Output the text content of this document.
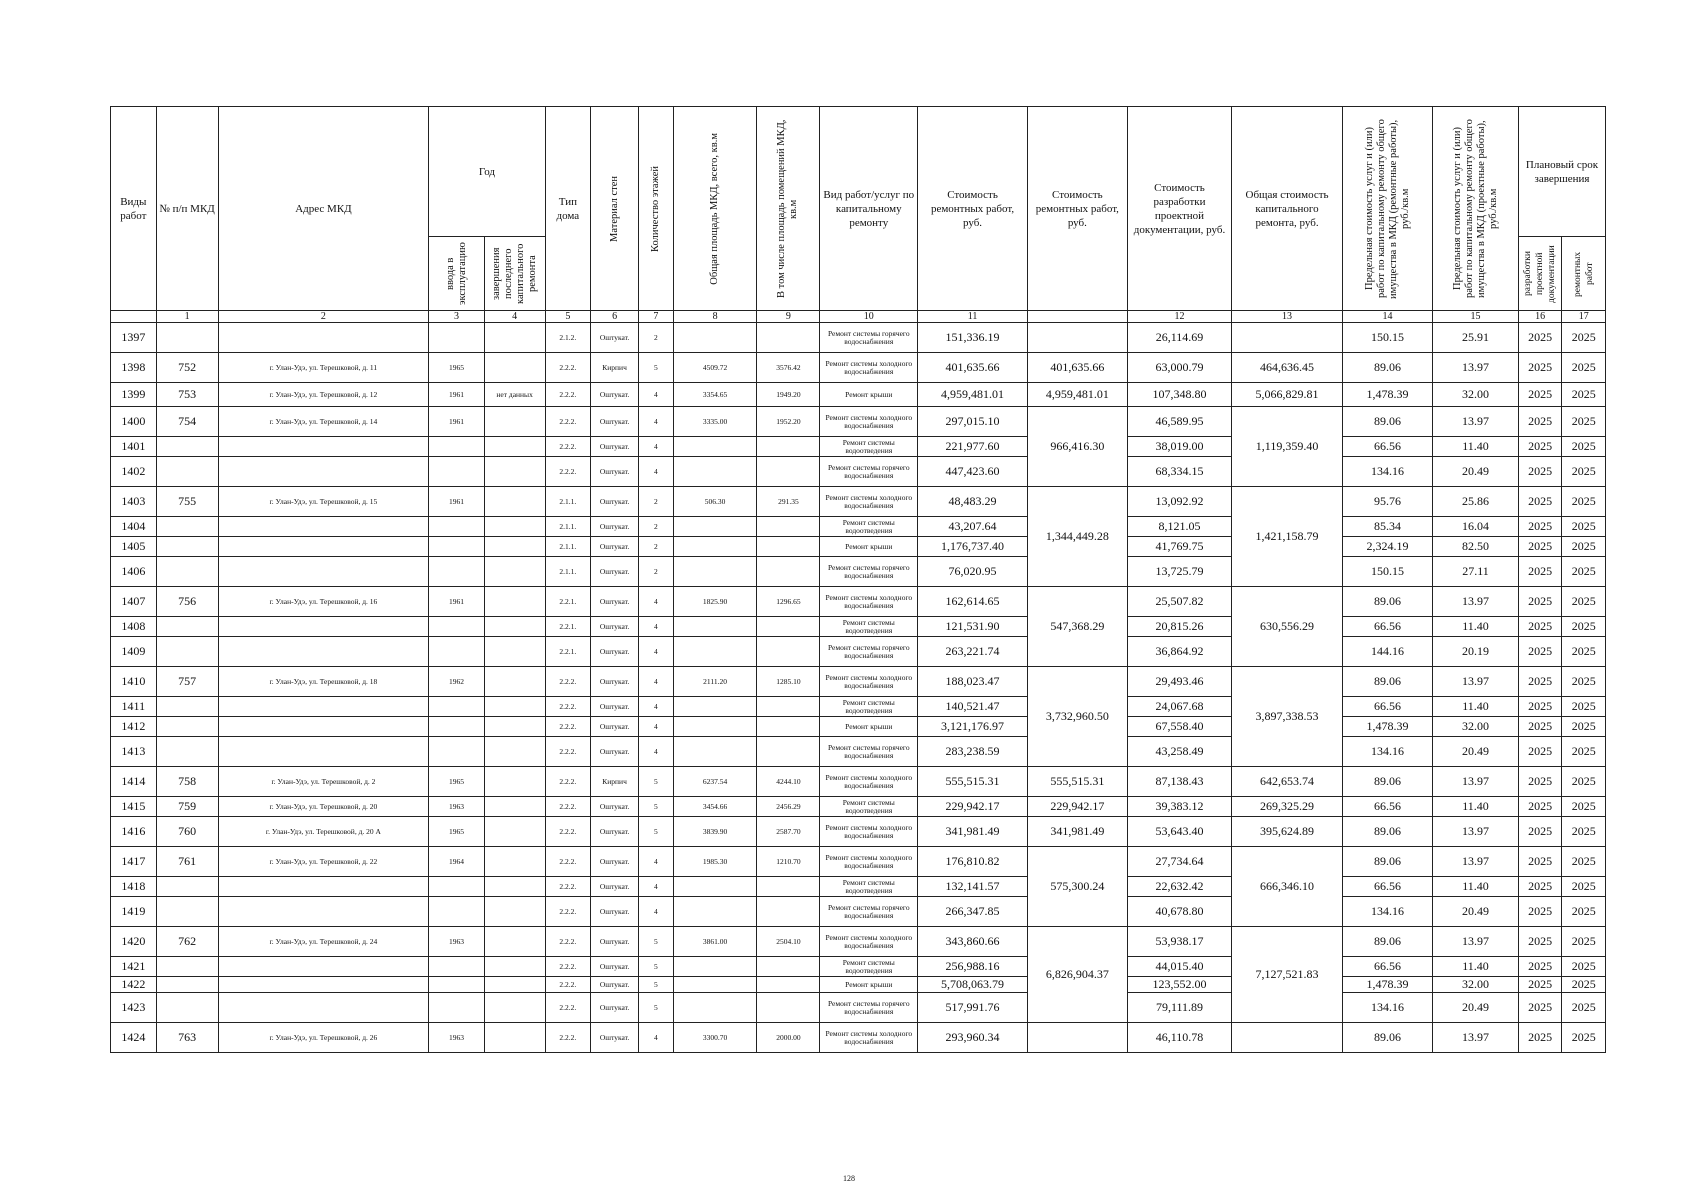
Виды работ	№ п/п МКД	Адрес МКД	Год		Тип дома	Материал стен	Количество этажей	Общая площадь МКД, всего, кв.м	В том числе площадь помещений МКД, кв.м	Вид работ/услуг по капитальному ремонту	Стоимость ремонтных работ, руб.	Стоимость ремонтных работ, руб.	Стоимость разработки проектной документации, руб.	Общая стоимость капитального ремонта, руб.	Предельная стоимость услуг и (или) работ по капитальному ремонту общего имущества в МКД (ремонтные работы), руб./кв.м	Предельная стоимость услуг и (или) работ по капитальному ремонту общего имущества в МКД (проектные работы), руб./кв.м	Плановый срок завершения	

			ввода в эксплуатацию	завершения последнего капитального ремонта													разработки проектной документации	ремонтных работ

	1	2	3	4	5	6	7	8	9	10	11		12	13	14	15	16	17
1397					2.1.2.	Оштукат.	2			Ремонт системы горячего водоснабжения	151,336.19		26,114.69		150.15	25.91	2025	2025
1398	752	г. Улан-Удэ, ул. Терешковой, д. 11	1965		2.2.2.	Кирпич	5	4509.72	3576.42	Ремонт системы холодного водоснабжения	401,635.66	401,635.66	63,000.79	464,636.45	89.06	13.97	2025	2025
1399	753	г. Улан-Удэ, ул. Терешковой, д. 12	1961	нет данных	2.2.2.	Оштукат.	4	3354.65	1949.20	Ремонт крыши	4,959,481.01	4,959,481.01	107,348.80	5,066,829.81	1,478.39	32.00	2025	2025
1400	754	г. Улан-Удэ, ул. Терешковой, д. 14	1961		2.2.2.	Оштукат.	4	3335.00	1952.20	Ремонт системы холодного водоснабжения	297,015.10	966,416.30	46,589.95	1,119,359.40	89.06	13.97	2025	2025
1401					2.2.2.	Оштукат.	4			Ремонт системы водоотведения	221,977.60		38,019.00		66.56	11.40	2025	2025
1402					2.2.2.	Оштукат.	4			Ремонт системы горячего водоснабжения	447,423.60		68,334.15		134.16	20.49	2025	2025
1403	755	г. Улан-Удэ, ул. Терешковой, д. 15	1961		2.1.1.	Оштукат.	2	506.30	291.35	Ремонт системы холодного водоснабжения	48,483.29	1,344,449.28	13,092.92	1,421,158.79	95.76	25.86	2025	2025
1404					2.1.1.	Оштукат.	2			Ремонт системы водоотведения	43,207.64		8,121.05		85.34	16.04	2025	2025
1405					2.1.1.	Оштукат.	2			Ремонт крыши	1,176,737.40		41,769.75		2,324.19	82.50	2025	2025
1406					2.1.1.	Оштукат.	2			Ремонт системы горячего водоснабжения	76,020.95		13,725.79		150.15	27.11	2025	2025
1407	756	г. Улан-Удэ, ул. Терешковой, д. 16	1961		2.2.1.	Оштукат.	4	1825.90	1296.65	Ремонт системы холодного водоснабжения	162,614.65	547,368.29	25,507.82	630,556.29	89.06	13.97	2025	2025
1408					2.2.1.	Оштукат.	4			Ремонт системы водоотведения	121,531.90		20,815.26		66.56	11.40	2025	2025
1409					2.2.1.	Оштукат.	4			Ремонт системы горячего водоснабжения	263,221.74		36,864.92		144.16	20.19	2025	2025
1410	757	г. Улан-Удэ, ул. Терешковой, д. 18	1962		2.2.2.	Оштукат.	4	2111.20	1285.10	Ремонт системы холодного водоснабжения	188,023.47	3,732,960.50	29,493.46	3,897,338.53	89.06	13.97	2025	2025
1411					2.2.2.	Оштукат.	4			Ремонт системы водоотведения	140,521.47		24,067.68		66.56	11.40	2025	2025
1412					2.2.2.	Оштукат.	4			Ремонт крыши	3,121,176.97		67,558.40		1,478.39	32.00	2025	2025
1413					2.2.2.	Оштукат.	4			Ремонт системы горячего водоснабжения	283,238.59		43,258.49		134.16	20.49	2025	2025
1414	758	г. Улан-Удэ, ул. Терешковой, д. 2	1965		2.2.2.	Кирпич	5	6237.54	4244.10	Ремонт системы холодного водоснабжения	555,515.31	555,515.31	87,138.43	642,653.74	89.06	13.97	2025	2025
1415	759	г. Улан-Удэ, ул. Терешковой, д. 20	1963		2.2.2.	Оштукат.	5	3454.66	2456.29	Ремонт системы водоотведения	229,942.17	229,942.17	39,383.12	269,325.29	66.56	11.40	2025	2025
1416	760	г. Улан-Удэ, ул. Терешковой, д. 20 А	1965		2.2.2.	Оштукат.	5	3839.90	2587.70	Ремонт системы холодного водоснабжения	341,981.49	341,981.49	53,643.40	395,624.89	89.06	13.97	2025	2025
1417	761	г. Улан-Удэ, ул. Терешковой, д. 22	1964		2.2.2.	Оштукат.	4	1985.30	1210.70	Ремонт системы холодного водоснабжения	176,810.82	575,300.24	27,734.64	666,346.10	89.06	13.97	2025	2025
1418					2.2.2.	Оштукат.	4			Ремонт системы водоотведения	132,141.57		22,632.42		66.56	11.40	2025	2025
1419					2.2.2.	Оштукат.	4			Ремонт системы горячего водоснабжения	266,347.85		40,678.80		134.16	20.49	2025	2025
1420	762	г. Улан-Удэ, ул. Терешковой, д. 24	1963		2.2.2.	Оштукат.	5	3861.00	2504.10	Ремонт системы холодного водоснабжения	343,860.66	6,826,904.37	53,938.17	7,127,521.83	89.06	13.97	2025	2025
1421					2.2.2.	Оштукат.	5			Ремонт системы водоотведения	256,988.16		44,015.40		66.56	11.40	2025	2025
1422					2.2.2.	Оштукат.	5			Ремонт крыши	5,708,063.79		123,552.00		1,478.39	32.00	2025	2025
1423					2.2.2.	Оштукат.	5			Ремонт системы горячего водоснабжения	517,991.76		79,111.89		134.16	20.49	2025	2025
1424	763	г. Улан-Удэ, ул. Терешковой, д. 26	1963		2.2.2.	Оштукат.	4	3300.70	2000.00	Ремонт системы холодного водоснабжения	293,960.34		46,110.78		89.06	13.97	2025	2025
128
